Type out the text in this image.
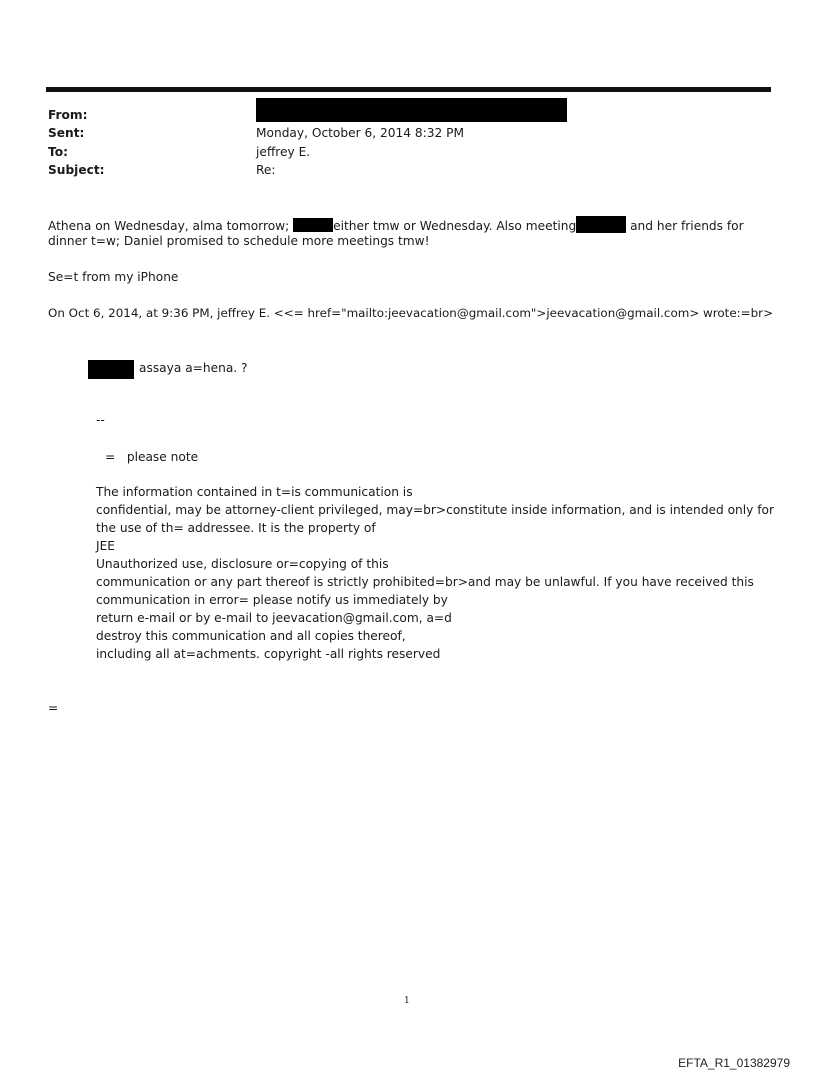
From:
Sent:	Monday, October 6, 2014 8:32 PM
To:	jeffrey E.
Subject:	Re:
Athena on Wednesday, alma tomorrow;	either tmw or Wednesday. Also meeting	and her friends for
dinner t=w; Daniel promised to schedule more meetings tmw!
Se=t from my iPhone
On Oct 6, 2014, at 9:36 PM, jeffrey E. <<= href="mailto:jeevacation@gmail.com">jeevacation@gmail.com> wrote:=br>
assaya a=hena. ?
--
=   please note
The information contained in t=is communication is
confidential, may be attorney-client privileged, may=br>constitute inside information, and is intended only for
the use of th= addressee. It is the property of
JEE
Unauthorized use, disclosure or=copying of this
communication or any part thereof is strictly prohibited=br>and may be unlawful. If you have received this
communication in error= please notify us immediately by
return e-mail or by e-mail to jeevacation@gmail.com, a=d
destroy this communication and all copies thereof,
including all at=achments. copyright -all rights reserved
=
1
EFTA_R1_01382979
